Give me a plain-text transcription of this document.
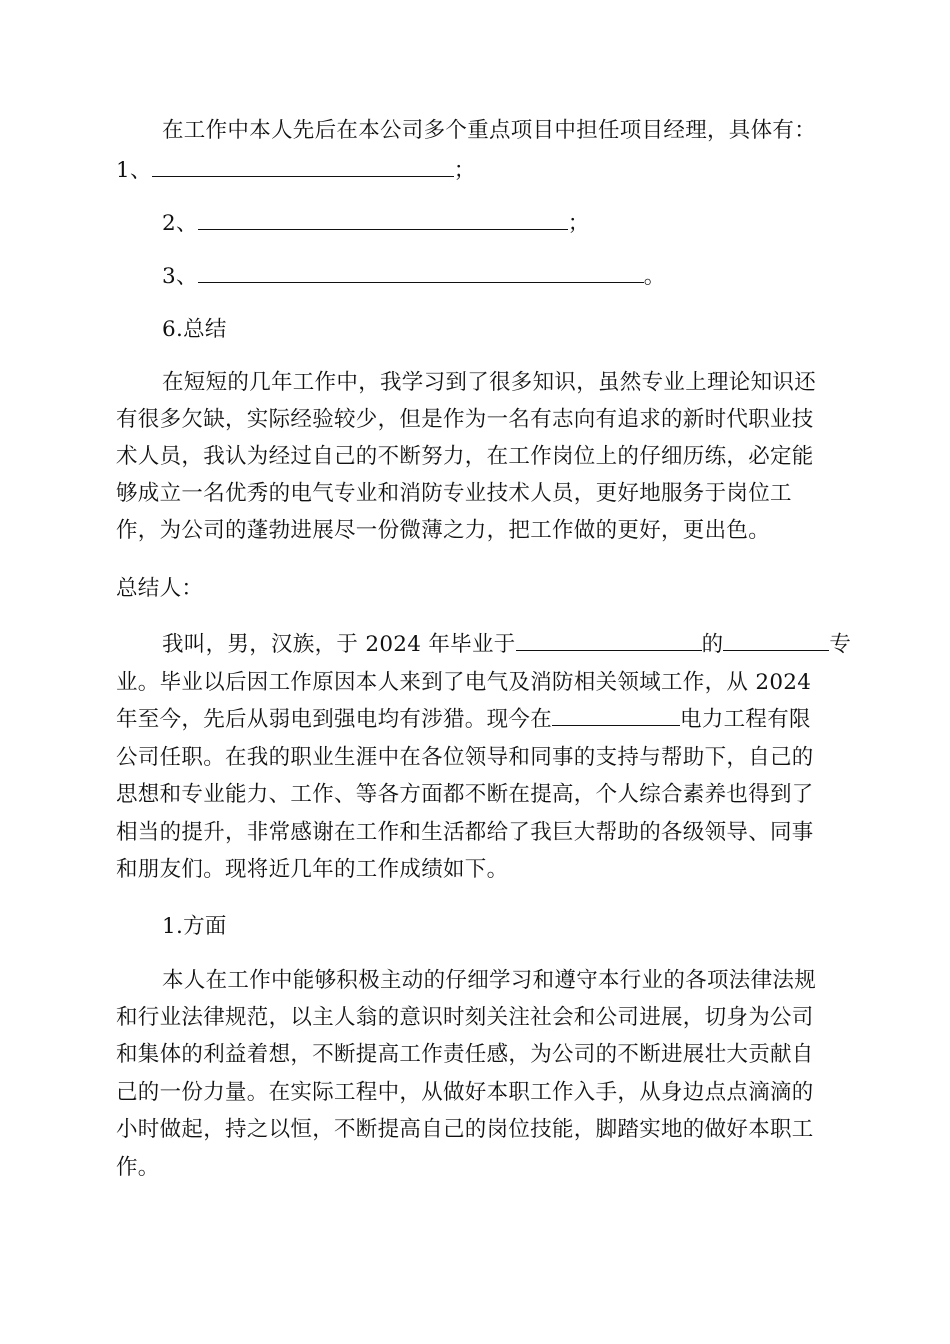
在工作中本人先后在本公司多个重点项目中担任项目经理，具体有：
1、	；
2、	；
3、	。
6.总结
在短短的几年工作中，我学习到了很多知识，虽然专业上理论知识还
有很多欠缺，实际经验较少，但是作为一名有志向有追求的新时代职业技
术人员，我认为经过自己的不断努力，在工作岗位上的仔细历练，必定能
够成立一名优秀的电气专业和消防专业技术人员，更好地服务于岗位工
作，为公司的蓬勃进展尽一份微薄之力，把工作做的更好，更出色。
总结人：
我叫，男，汉族，于 2024 年毕业于	的	专
业。毕业以后因工作原因本人来到了电气及消防相关领域工作，从 2024
年至今，先后从弱电到强电均有涉猎。现今在	电力工程有限
公司任职。在我的职业生涯中在各位领导和同事的支持与帮助下，自己的
思想和专业能力、工作、等各方面都不断在提高，个人综合素养也得到了
相当的提升，非常感谢在工作和生活都给了我巨大帮助的各级领导、同事
和朋友们。现将近几年的工作成绩如下。
1.方面
本人在工作中能够积极主动的仔细学习和遵守本行业的各项法律法规
和行业法律规范，以主人翁的意识时刻关注社会和公司进展，切身为公司
和集体的利益着想，不断提高工作责任感，为公司的不断进展壮大贡献自
己的一份力量。在实际工程中，从做好本职工作入手，从身边点点滴滴的
小时做起，持之以恒，不断提高自己的岗位技能，脚踏实地的做好本职工
作。
